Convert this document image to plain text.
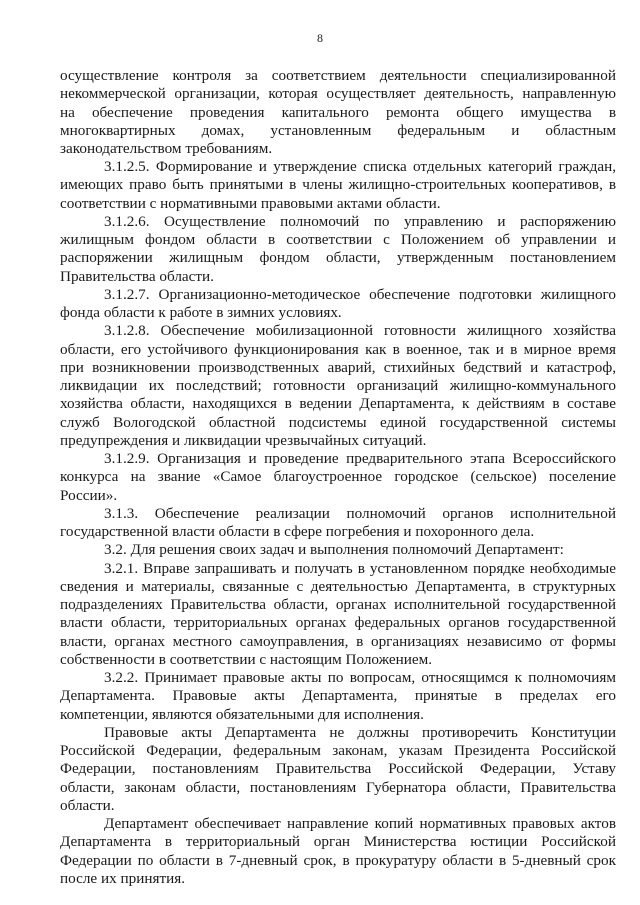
8
осуществление контроля за соответствием деятельности специализированной
некоммерческой организации, которая осуществляет деятельность, направленную
на обеспечение проведения капитального ремонта общего имущества в
многоквартирных домах, установленным федеральным и областным
законодательством требованиям.
3.1.2.5. Формирование и утверждение списка отдельных категорий граждан,
имеющих право быть принятыми в члены жилищно-строительных кооперативов, в
соответствии с нормативными правовыми актами области.
3.1.2.6. Осуществление полномочий по управлению и распоряжению
жилищным фондом области в соответствии с Положением об управлении и
распоряжении жилищным фондом области, утвержденным постановлением
Правительства области.
3.1.2.7. Организационно-методическое обеспечение подготовки жилищного
фонда области к работе в зимних условиях.
3.1.2.8. Обеспечение мобилизационной готовности жилищного хозяйства
области, его устойчивого функционирования как в военное, так и в мирное время
при возникновении производственных аварий, стихийных бедствий и катастроф,
ликвидации их последствий; готовности организаций жилищно-коммунального
хозяйства области, находящихся в ведении Департамента, к действиям в составе
служб Вологодской областной подсистемы единой государственной системы
предупреждения и ликвидации чрезвычайных ситуаций.
3.1.2.9. Организация и проведение предварительного этапа Всероссийского
конкурса на звание «Самое благоустроенное городское (сельское) поселение
России».
3.1.3. Обеспечение реализации полномочий органов исполнительной
государственной власти области в сфере погребения и похоронного дела.
3.2. Для решения своих задач и выполнения полномочий Департамент:
3.2.1. Вправе запрашивать и получать в установленном порядке необходимые
сведения и материалы, связанные с деятельностью Департамента, в структурных
подразделениях Правительства области, органах исполнительной государственной
власти области, территориальных органах федеральных органов государственной
власти, органах местного самоуправления, в организациях независимо от формы
собственности в соответствии с настоящим Положением.
3.2.2. Принимает правовые акты по вопросам, относящимся к полномочиям
Департамента. Правовые акты Департамента, принятые в пределах его
компетенции, являются обязательными для исполнения.
Правовые акты Департамента не должны противоречить Конституции
Российской Федерации, федеральным законам, указам Президента Российской
Федерации, постановлениям Правительства Российской Федерации, Уставу
области, законам области, постановлениям Губернатора области, Правительства
области.
Департамент обеспечивает направление копий нормативных правовых актов
Департамента в территориальный орган Министерства юстиции Российской
Федерации по области в 7-дневный срок, в прокуратуру области в 5-дневный срок
после их принятия.
